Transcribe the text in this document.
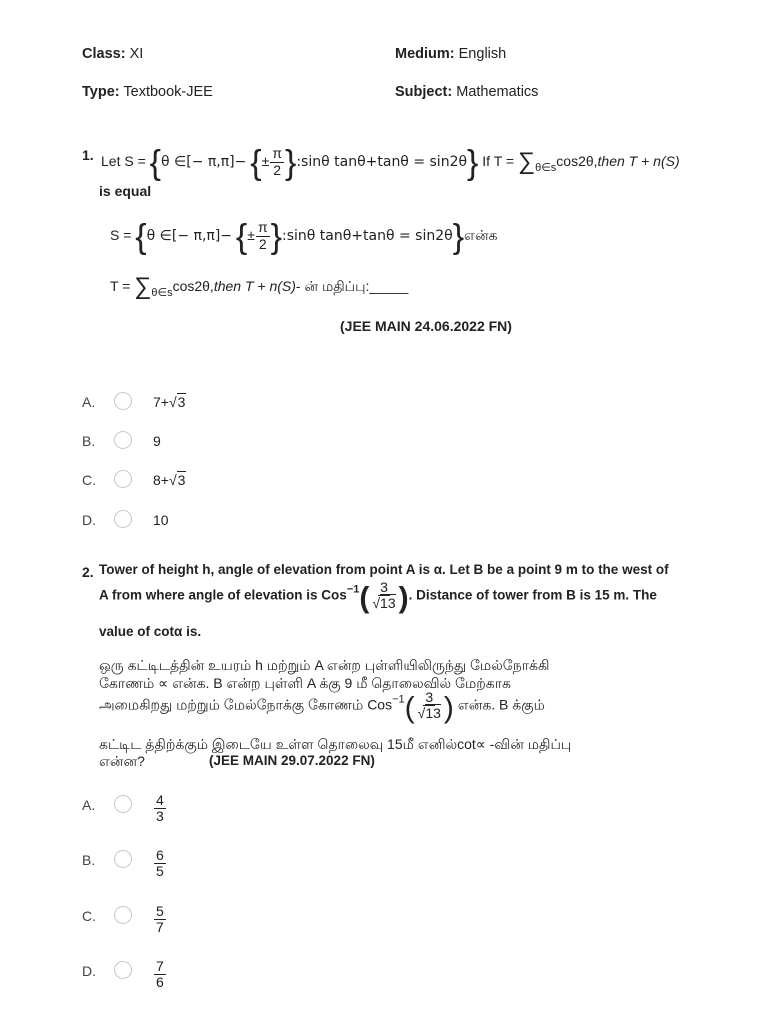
Class: XI	Medium: English
Type: Textbook-JEE	Subject: Mathematics
1. Let S = {θ ∈[− π,π]− {± $\frac{\pi}{2}$ }:sinθ tanθ+tanθ = sin2θ} If $T = \sum_{\theta\in s}\cos 2\theta,then$ T + n(S)
is equal
S = {θ ∈[− π,π]− {± $\frac{\pi}{2}$ }:sinθ tanθ+tanθ = sin2θ}என்க
$T = \sum_{\theta\in s}\cos 2\theta,then$ T + n(S)- ன் மதிப்பு:_____
(JEE MAIN 24.06.2022 FN)
A.	7+√3
B.	9
C.	8+√3
D.	10
2. Tower of height h, angle of elevation from point A is α. Let B be a point 9 m to the west of
A from where angle of elevation is $Cos^{-1}( \frac{3}{√13}$ ). Distance of tower from B is 15 m. The
value of cotα is.
ஒரு கட்டிடத்தின் உயரம் h மற்றும் A என்ற புள்ளியிலிருந்து மேல்நோக்கி
கோணம் ∝ என்க. B என்ற புள்ளி A க்கு 9 மீ தொலைவில் மேற்காக
அமைகிறது மற்றும் மேல்நோக்கு கோணம் $Cos^{-1}( \frac{3}{√13}$ ) என்க. B க்கும்
கட்டிட த்திற்க்கும் இடையே உள்ள தொலைவு 15மீ எனில்cot∝ -வின் மதிப்பு
என்ன?	(JEE MAIN 29.07.2022 FN)
A.	$\frac{4}{3}$
B.	$\frac{6}{5}$
C.	$\frac{5}{7}$
D.	$\frac{7}{6}$
